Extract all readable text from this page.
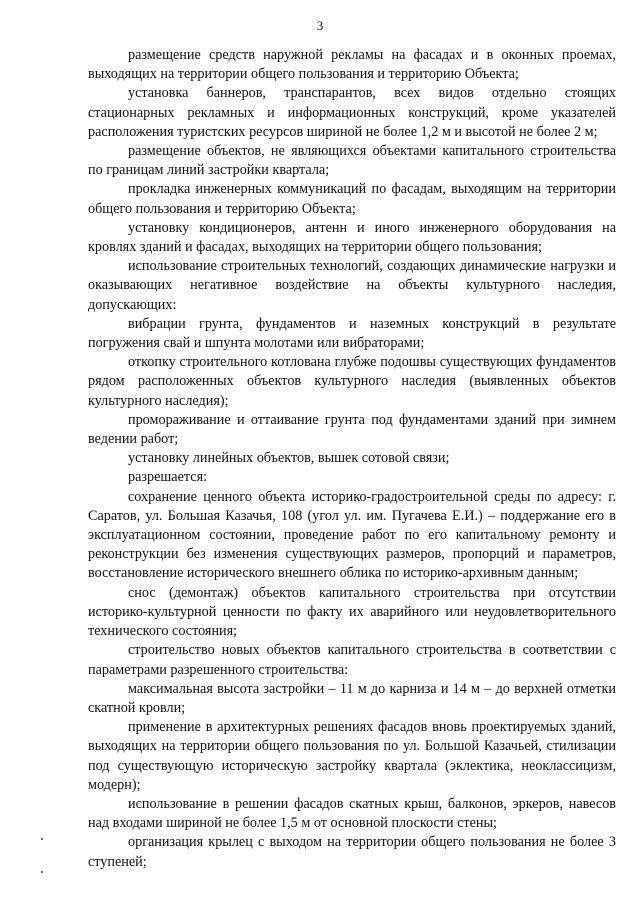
3

размещение средств наружной рекламы на фасадах и в оконных проемах, выходящих на территории общего пользования и территорию Объекта;

установка баннеров, транспарантов, всех видов отдельно стоящих стационарных рекламных и информационных конструкций, кроме указателей расположения туристских ресурсов шириной не более 1,2 м и высотой не более 2 м;

размещение объектов, не являющихся объектами капитального строительства по границам линий застройки квартала;

прокладка инженерных коммуникаций по фасадам, выходящим на территории общего пользования и территорию Объекта;

установку кондиционеров, антенн и иного инженерного оборудования на кровлях зданий и фасадах, выходящих на территории общего пользования;

использование строительных технологий, создающих динамические нагрузки и оказывающих негативное воздействие на объекты культурного наследия, допускающих:

вибрации грунта, фундаментов и наземных конструкций в результате погружения свай и шпунта молотами или вибраторами;

откопку строительного котлована глубже подошвы существующих фундаментов рядом расположенных объектов культурного наследия (выявленных объектов культурного наследия);

промораживание и оттаивание грунта под фундаментами зданий при зимнем ведении работ;

установку линейных объектов, вышек сотовой связи;

разрешается:

сохранение ценного объекта историко-градостроительной среды по адресу: г. Саратов, ул. Большая Казачья, 108 (угол ул. им. Пугачева Е.И.) – поддержание его в эксплуатационном состоянии, проведение работ по его капитальному ремонту и реконструкции без изменения существующих размеров, пропорций и параметров, восстановление исторического внешнего облика по историко-архивным данным;

снос (демонтаж) объектов капитального строительства при отсутствии историко-культурной ценности по факту их аварийного или неудовлетворительного технического состояния;

строительство новых объектов капитального строительства в соответствии с параметрами разрешенного строительства:

максимальная высота застройки – 11 м до карниза и 14 м – до верхней отметки скатной кровли;

применение в архитектурных решениях фасадов вновь проектируемых зданий, выходящих на территории общего пользования по ул. Большой Казачьей, стилизации под существующую историческую застройку квартала (эклектика, неоклассицизм, модерн);

использование в решении фасадов скатных крыш, балконов, эркеров, навесов над входами шириной не более 1,5 м от основной плоскости стены;

организация крылец с выходом на территории общего пользования не более 3 ступеней;
